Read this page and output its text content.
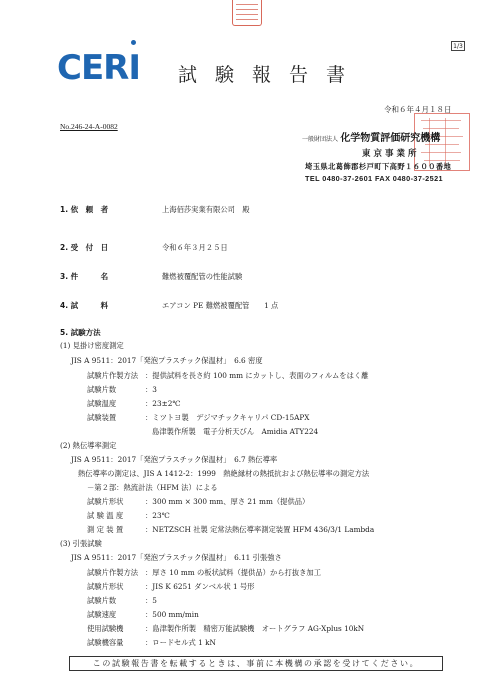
1/3
CERI 試験報告書
令和６年４月１８日
No.246-24-A-0082
一般財団法人 化学物質評価研究機構
東京事業所
埼玉県北葛飾郡杉戸町下高野１６００番地
TEL 0480-37-2601 FAX 0480-37-2521
1. 依　頼　者	上海佰莎実業有限公司　殿
2. 受　付　日	令和６年３月２５日
3. 件　　　名	難燃被覆配管の性能試験
4. 試　　　料	エアコン PE 難燃被覆配管　　1 点
5. 試験方法
(1) 見掛け密度測定
JIS A 9511：2017「発泡プラスチック保温材」　6.6 密度
試験片作製方法 ：提供試料を長さ約 100 mm にカットし、表面のフィルムをはく離
試験片数	：3
試験温度	：23±2℃
試験装置	：ミツトヨ製　デジマチックキャリパ CD-15APX
島津製作所製　電子分析天びん　Amidia ATY224
(2) 熱伝導率測定
JIS A 9511：2017「発泡プラスチック保温材」　6.7 熱伝導率
熱伝導率の測定は、JIS A 1412-2：1999　熱絶縁材の熱抵抗および熱伝導率の測定方法
－第２部：熱流計法（HFM 法）による
試験片形状	：300 mm × 300 mm、厚さ 21 mm（提供品）
試 験 温 度	：23℃
測 定 装 置	：NETZSCH 社製 定常法熱伝導率測定装置 HFM 436/3/1 Lambda
(3) 引張試験
JIS A 9511：2017「発泡プラスチック保温材」　6.11 引張強さ
試験片作製方法 ：厚さ 10 mm の板状試料（提供品）から打抜き加工
試験片形状	：JIS K 6251 ダンベル状 1 号形
試験片数	：5
試験速度	：500 mm/min
使用試験機	：島津製作所製　精密万能試験機　オートグラフ AG-Xplus 10kN
試験機容量	：ロードセル式 1 kN
この試験報告書を転載するときは、事前に本機構の承認を受けてください。
